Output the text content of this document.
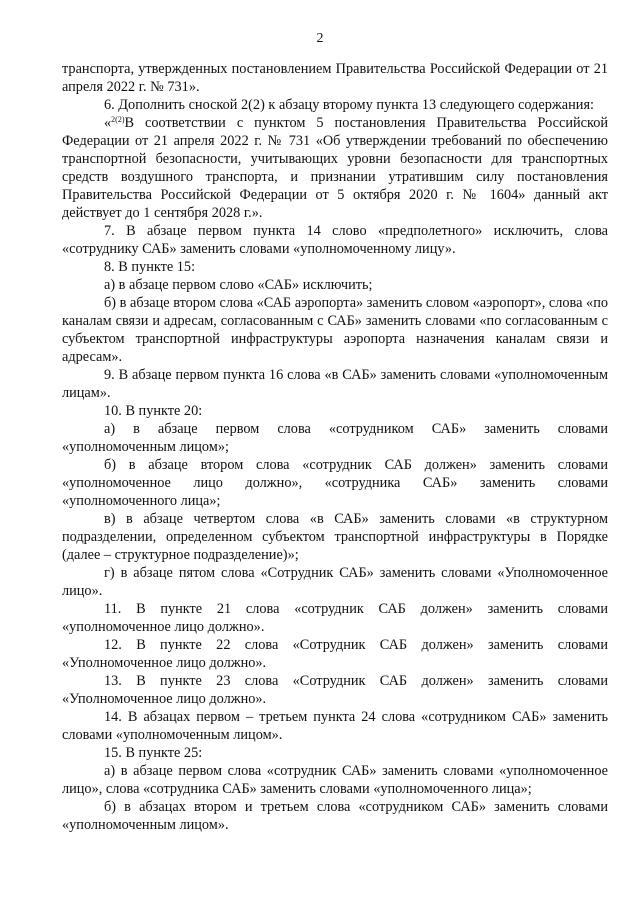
2

транспорта, утвержденных постановлением Правительства Российской Федерации от 21 апреля 2022 г. № 731».

6. Дополнить сноской 2(2) к абзацу второму пункта 13 следующего содержания:

«$^{2(2)}$В соответствии с пунктом 5 постановления Правительства Российской Федерации от 21 апреля 2022 г. № 731 «Об утверждении требований по обеспечению транспортной безопасности, учитывающих уровни безопасности для транспортных средств воздушного транспорта, и признании утратившим силу постановления Правительства Российской Федерации от 5 октября 2020 г. № 1604» данный акт действует до 1 сентября 2028 г.».

7. В абзаце первом пункта 14 слово «предполетного» исключить, слова «сотруднику САБ» заменить словами «уполномоченному лицу».

8. В пункте 15:

а) в абзаце первом слово «САБ» исключить;

б) в абзаце втором слова «САБ аэропорта» заменить словом «аэропорт», слова «по каналам связи и адресам, согласованным с САБ» заменить словами «по согласованным с субъектом транспортной инфраструктуры аэропорта назначения каналам связи и адресам».

9. В абзаце первом пункта 16 слова «в САБ» заменить словами «уполномоченным лицам».

10. В пункте 20:

а) в абзаце первом слова «сотрудником САБ» заменить словами «уполномоченным лицом»;

б) в абзаце втором слова «сотрудник САБ должен» заменить словами «уполномоченное лицо должно», «сотрудника САБ» заменить словами «уполномоченного лица»;

в) в абзаце четвертом слова «в САБ» заменить словами «в структурном подразделении, определенном субъектом транспортной инфраструктуры в Порядке (далее – структурное подразделение)»;

г) в абзаце пятом слова «Сотрудник САБ» заменить словами «Уполномоченное лицо».

11. В пункте 21 слова «сотрудник САБ должен» заменить словами «уполномоченное лицо должно».

12. В пункте 22 слова «Сотрудник САБ должен» заменить словами «Уполномоченное лицо должно».

13. В пункте 23 слова «Сотрудник САБ должен» заменить словами «Уполномоченное лицо должно».

14. В абзацах первом – третьем пункта 24 слова «сотрудником САБ» заменить словами «уполномоченным лицом».

15. В пункте 25:

а) в абзаце первом слова «сотрудник САБ» заменить словами «уполномоченное лицо», слова «сотрудника САБ» заменить словами «уполномоченного лица»;

б) в абзацах втором и третьем слова «сотрудником САБ» заменить словами «уполномоченным лицом».
